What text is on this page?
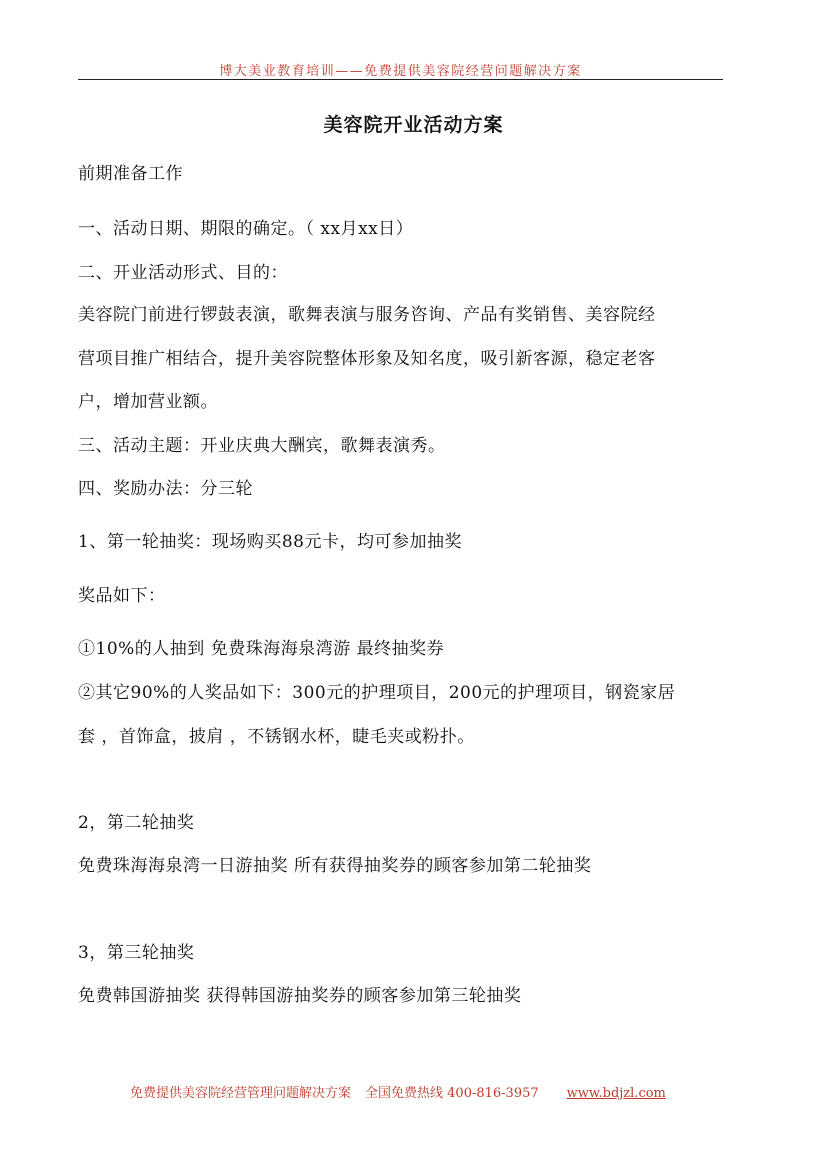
博大美业教育培训——免费提供美容院经营问题解决方案
美容院开业活动方案
前期准备工作
一、活动日期、期限的确定。（ xx月xx日）
二、开业活动形式、目的：
美容院门前进行锣鼓表演，歌舞表演与服务咨询、产品有奖销售、美容院经
营项目推广相结合，提升美容院整体形象及知名度，吸引新客源，稳定老客
户，增加营业额。
三、活动主题：开业庆典大酬宾，歌舞表演秀。
四、奖励办法：分三轮
1、第一轮抽奖：现场购买88元卡，均可参加抽奖
奖品如下：
①10%的人抽到 免费珠海海泉湾游 最终抽奖券
②其它90%的人奖品如下：300元的护理项目，200元的护理项目，钢瓷家居
套 ，首饰盒，披肩 ，不锈钢水杯，睫毛夹或粉扑。
2，第二轮抽奖
免费珠海海泉湾一日游抽奖 所有获得抽奖券的顾客参加第二轮抽奖
3，第三轮抽奖
免费韩国游抽奖 获得韩国游抽奖券的顾客参加第三轮抽奖
免费提供美容院经营管理问题解决方案 全国免费热线 400-816-3957 www.bdjzl.com
